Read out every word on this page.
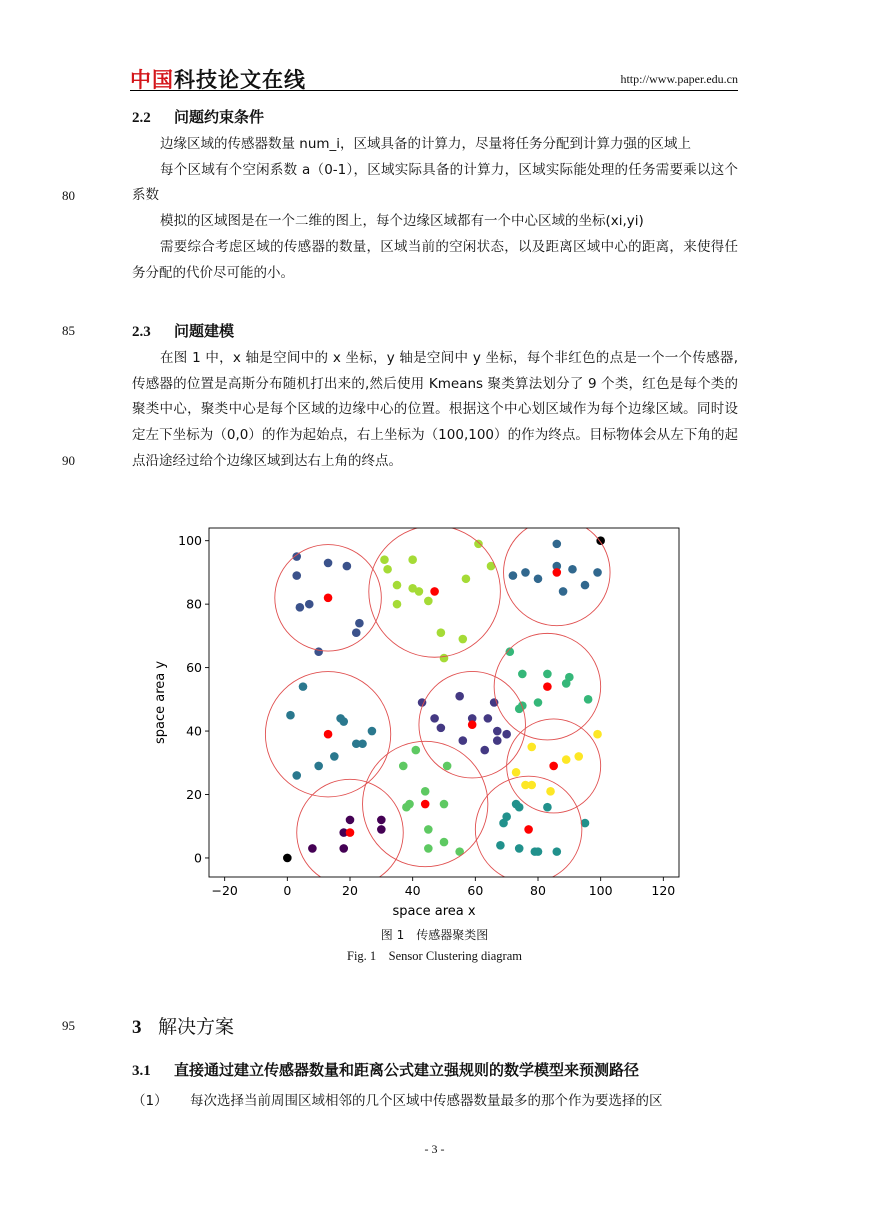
中国科技论文在线	http://www.paper.edu.cn
2.2 问题约束条件

边缘区域的传感器数量 num_i，区域具备的计算力，尽量将任务分配到计算力强的区域上

每个区域有个空闲系数 a（0-1），区域实际具备的计算力，区域实际能处理的任务需要乘以这个系数

模拟的区域图是在一个二维的图上，每个边缘区域都有一个中心区域的坐标(xi,yi)

需要综合考虑区域的传感器的数量，区域当前的空闲状态，以及距离区域中心的距离，来使得任务分配的代价尽可能的小。

80
85	2.3 问题建模

在图 1 中，x 轴是空间中的 x 坐标，y 轴是空间中 y 坐标，每个非红色的点是一个一个传感器,传感器的位置是高斯分布随机打出来的,然后使用 Kmeans 聚类算法划分了 9 个类，红色是每个类的聚类中心，聚类中心是每个区域的边缘中心的位置。根据这个中心划区域作为每个边缘区域。同时设定左下坐标为（0,0）的作为起始点，右上坐标为（100,100）的作为终点。目标物体会从左下角的起点沿途经过给个边缘区域到达右上角的终点。

90
−20	0	20	40	60	80	100	120
0
20
40
60
80
100
space area x
space area y
图 1　传感器聚类图
Fig. 1　Sensor Clustering diagram
95	3 解决方案
3.1 直接通过建立传感器数量和距离公式建立强规则的数学模型来预测路径
（1） 每次选择当前周围区域相邻的几个区域中传感器数量最多的那个作为要选择的区
- 3 -
